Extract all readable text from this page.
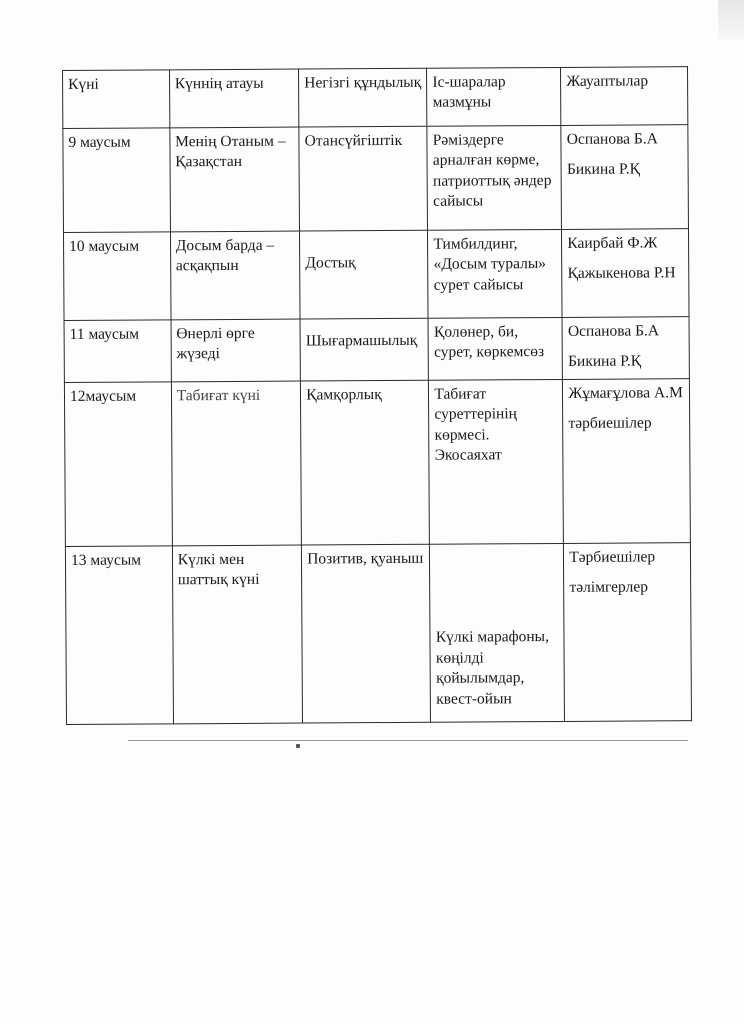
Күні	Күннің атауы	Негізгі құндылық	Іс-шаралар мазмұны	Жауаптылар
9 маусым	Менің Отаным – Қазақстан	Отансүйгіштік	Рәміздерге арналған көрме, патриоттық әндер сайысы	Оспанова Б.А
Бикина Р.Қ

10 маусым	Досым барда – асқақпын	Достық	Тимбилдинг, «Досым туралы» сурет сайысы	Каирбай Ф.Ж
Қажыкенова Р.Н

11 маусым	Өнерлі өрге жүзеді	Шығармашылық	Қолөнер, би, сурет, көркемсөз	Оспанова Б.А
Бикина Р.Қ

12маусым	Табиғат күні	Қамқорлық	Табиғат суреттерінің көрмесі. Экосаяхат	Жұмағұлова А.М
тәрбиешілер

13 маусым	Күлкі мен шаттық күні	Позитив, қуаныш	Күлкі марафоны, көңілді қойылымдар, квест-ойын	Тәрбиешілер
тәлімгерлер
